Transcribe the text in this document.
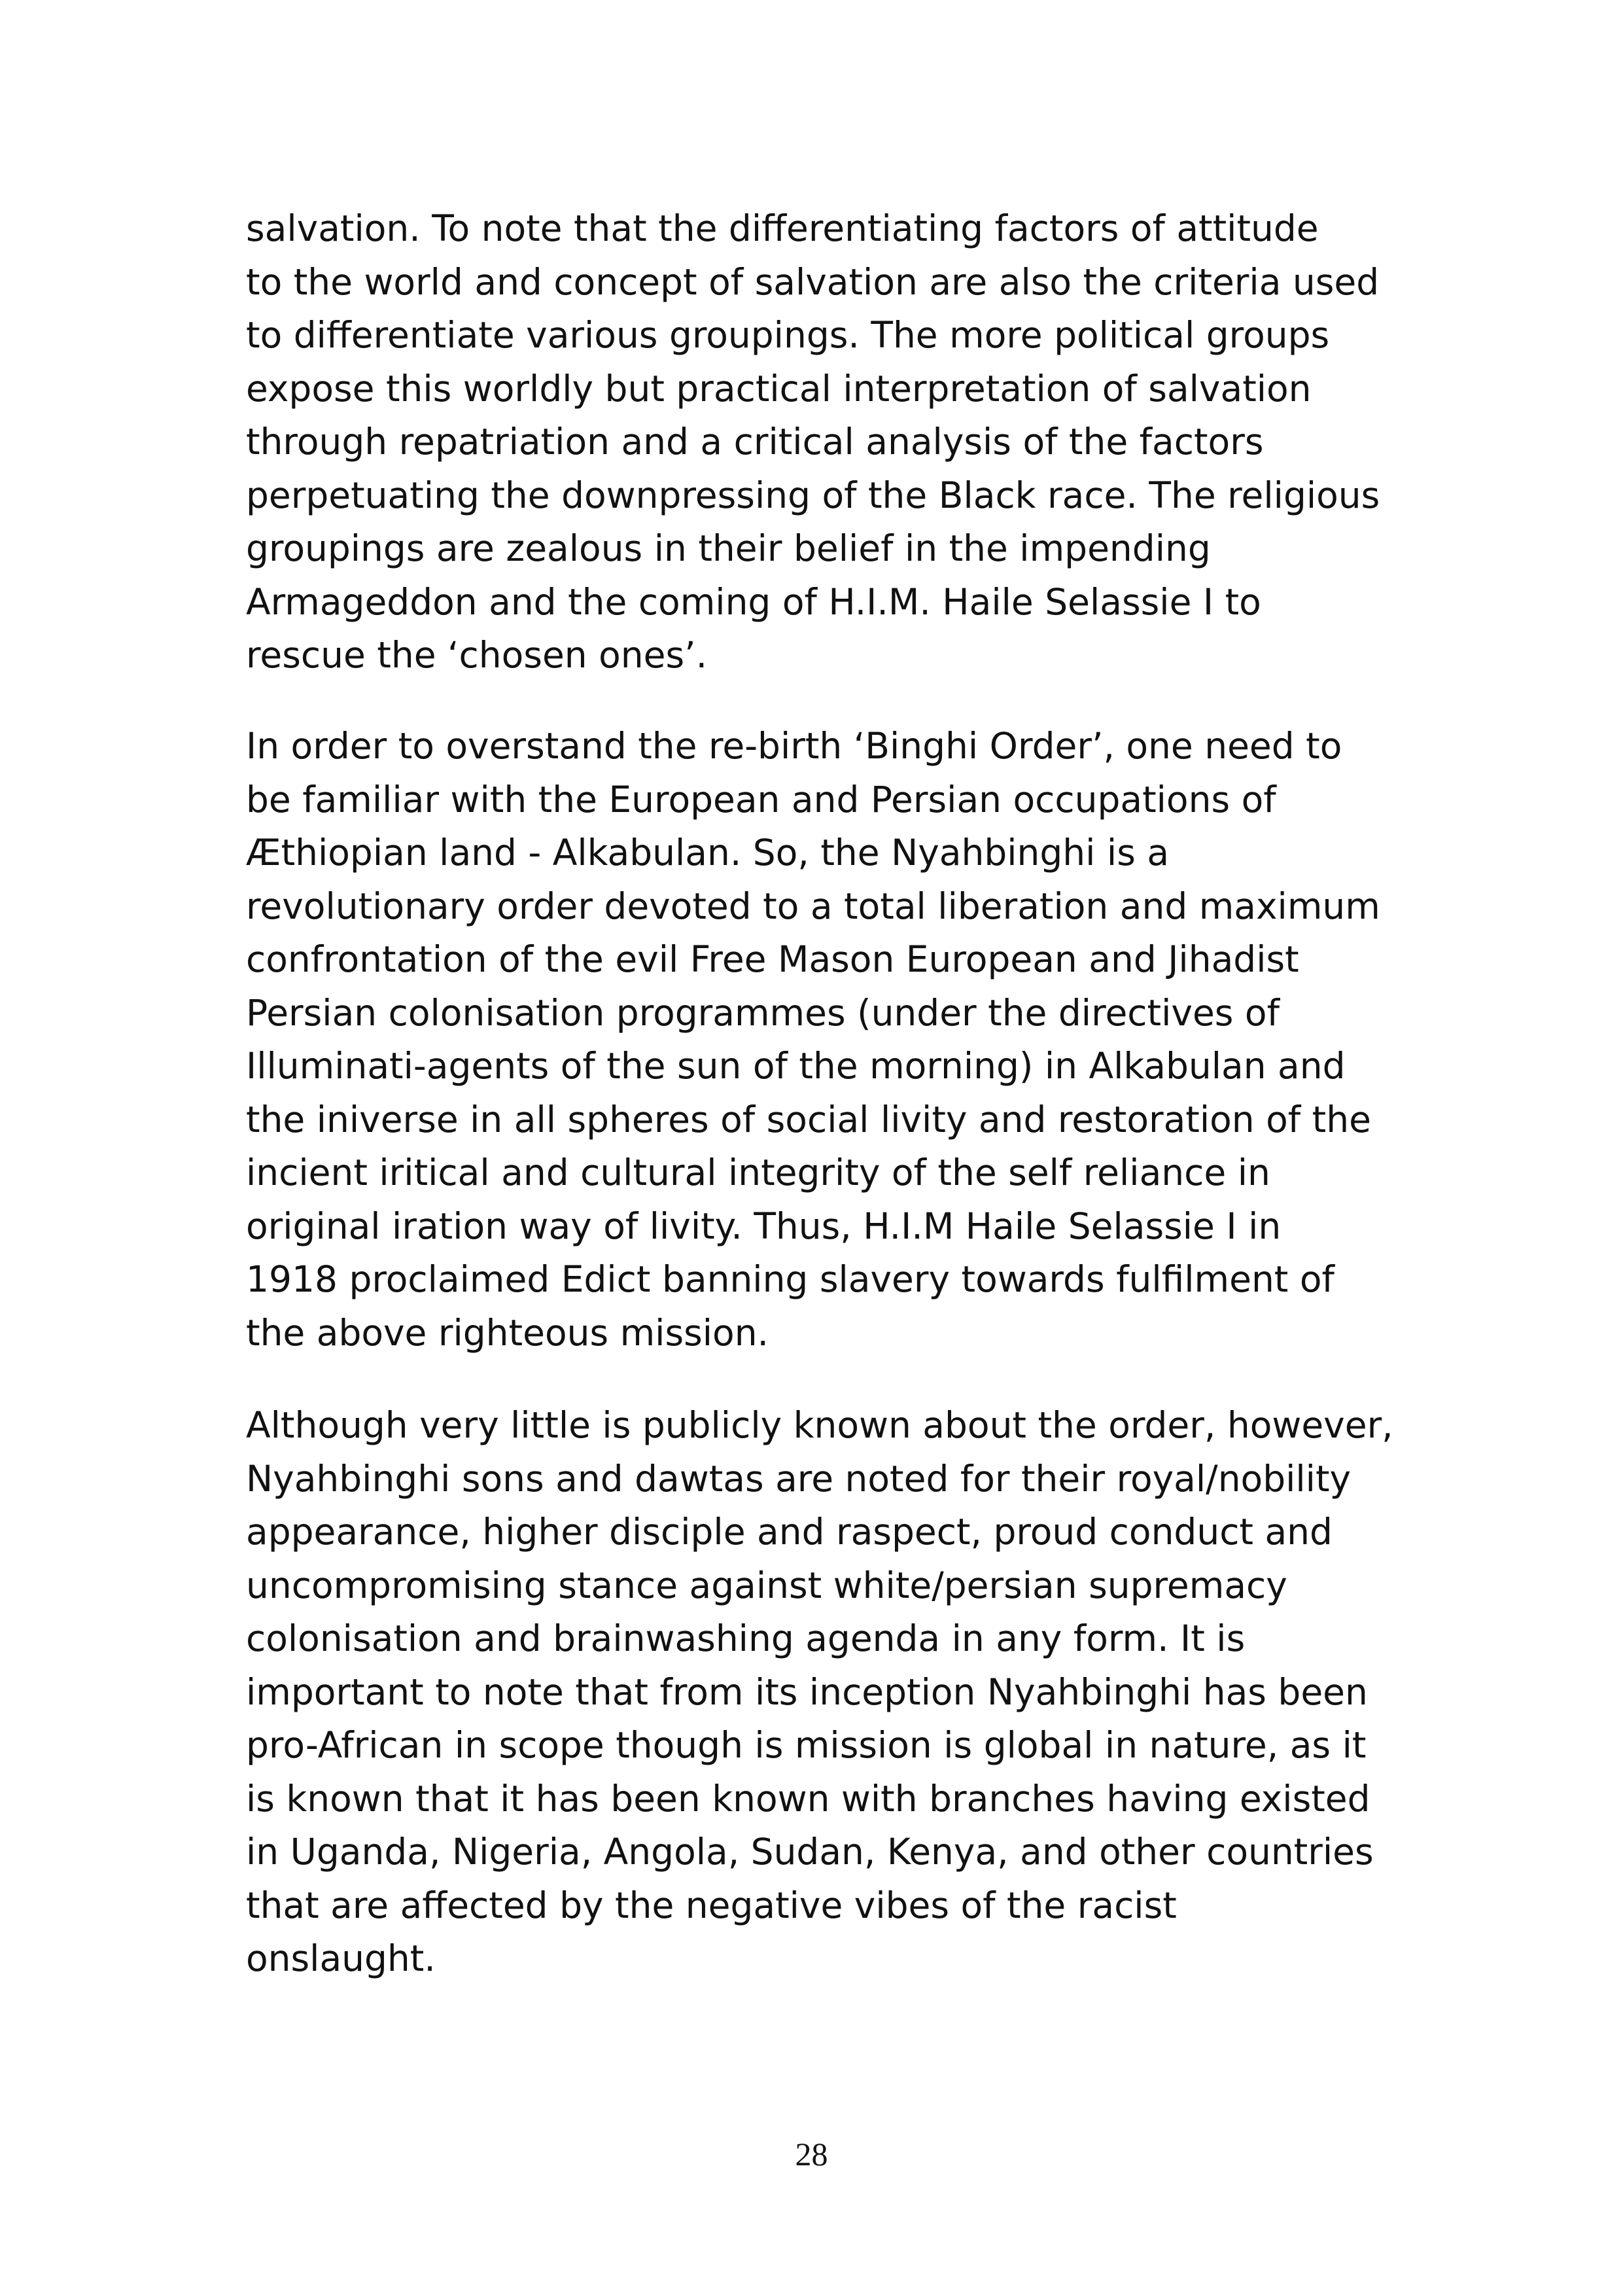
salvation. To note that the differentiating factors of attitude
to the world and concept of salvation are also the criteria used
to differentiate various groupings. The more political groups
expose this worldly but practical interpretation of salvation
through repatriation and a critical analysis of the factors
perpetuating the downpressing of the Black race. The religious
groupings are zealous in their belief in the impending
Armageddon and the coming of H.I.M. Haile Selassie I to
rescue the ‘chosen ones’.
In order to overstand the re-birth ‘Binghi Order’, one need to
be familiar with the European and Persian occupations of
Æthiopian land - Alkabulan. So, the Nyahbinghi is a
revolutionary order devoted to a total liberation and maximum
confrontation of the evil Free Mason European and Jihadist
Persian colonisation programmes (under the directives of
Illuminati-agents of the sun of the morning) in Alkabulan and
the iniverse in all spheres of social livity and restoration of the
incient iritical and cultural integrity of the self reliance in
original iration way of livity. Thus, H.I.M Haile Selassie I in
1918 proclaimed Edict banning slavery towards fulfilment of
the above righteous mission.
Although very little is publicly known about the order, however,
Nyahbinghi sons and dawtas are noted for their royal/nobility
appearance, higher disciple and raspect, proud conduct and
uncompromising stance against white/persian supremacy
colonisation and brainwashing agenda in any form. It is
important to note that from its inception Nyahbinghi has been
pro-African in scope though is mission is global in nature, as it
is known that it has been known with branches having existed
in Uganda, Nigeria, Angola, Sudan, Kenya, and other countries
that are affected by the negative vibes of the racist
onslaught.
28
